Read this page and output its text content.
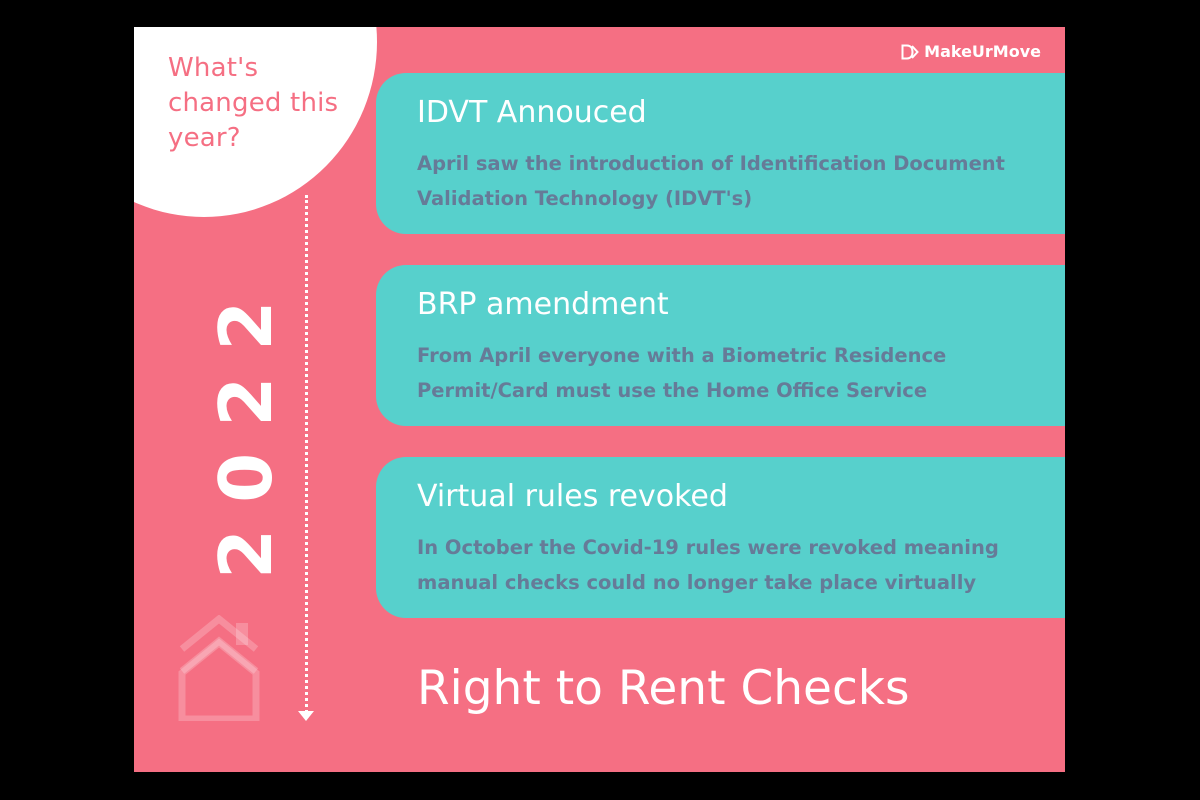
What's changed this year?

2022
MakeUrMove
IDVT Annouced

April saw the introduction of Identification Document
Validation Technology (IDVT's)

BRP amendment

From April everyone with a Biometric Residence
Permit/Card must use the Home Office Service

Virtual rules revoked

In October the Covid-19 rules were revoked meaning
manual checks could no longer take place virtually

Right to Rent Checks
